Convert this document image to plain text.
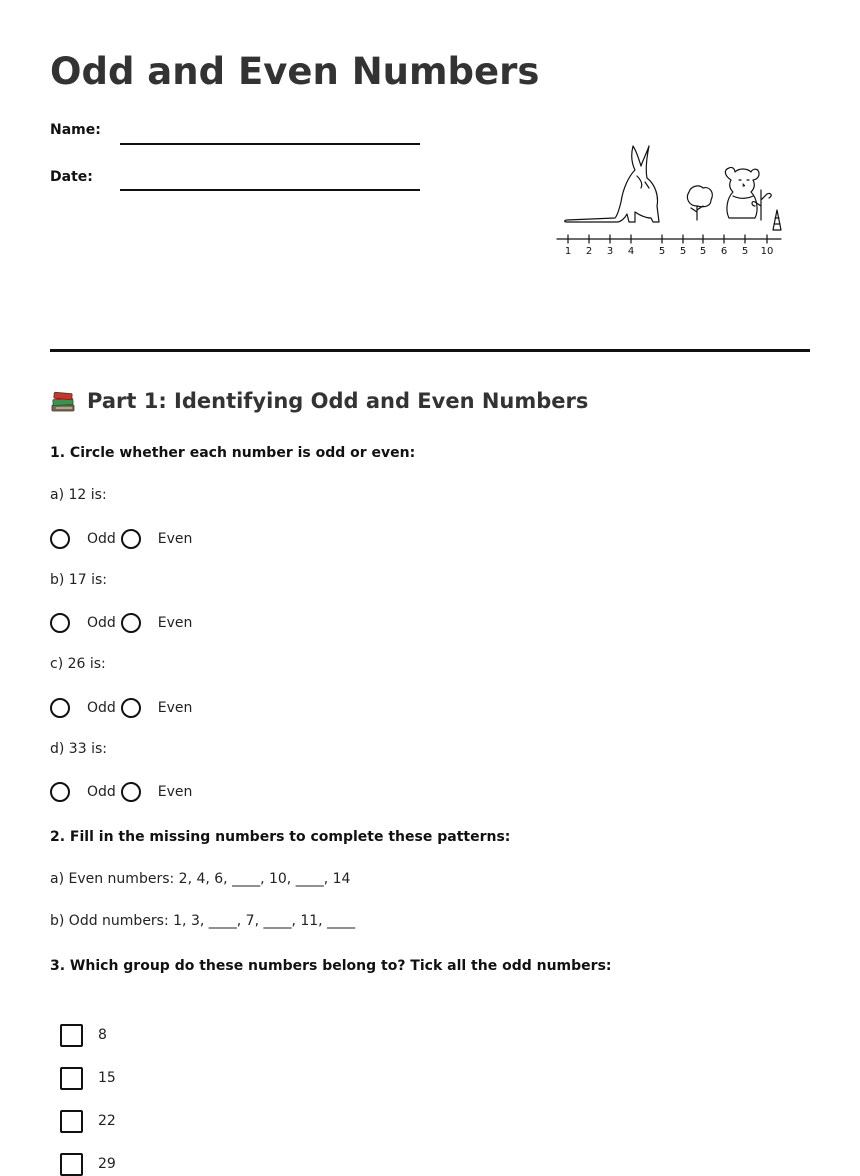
Odd and Even Numbers
Name:
Date:
1 2 3 4 5 5 5 6 5 10
Part 1: Identifying Odd and Even Numbers
1. Circle whether each number is odd or even:
a) 12 is:
Odd	Even
b) 17 is:
Odd	Even
c) 26 is:
Odd	Even
d) 33 is:
Odd	Even
2. Fill in the missing numbers to complete these patterns:
a) Even numbers: 2, 4, 6, ____, 10, ____, 14
b) Odd numbers: 1, 3, ____, 7, ____, 11, ____
3. Which group do these numbers belong to? Tick all the odd numbers:
8
15
22
29
